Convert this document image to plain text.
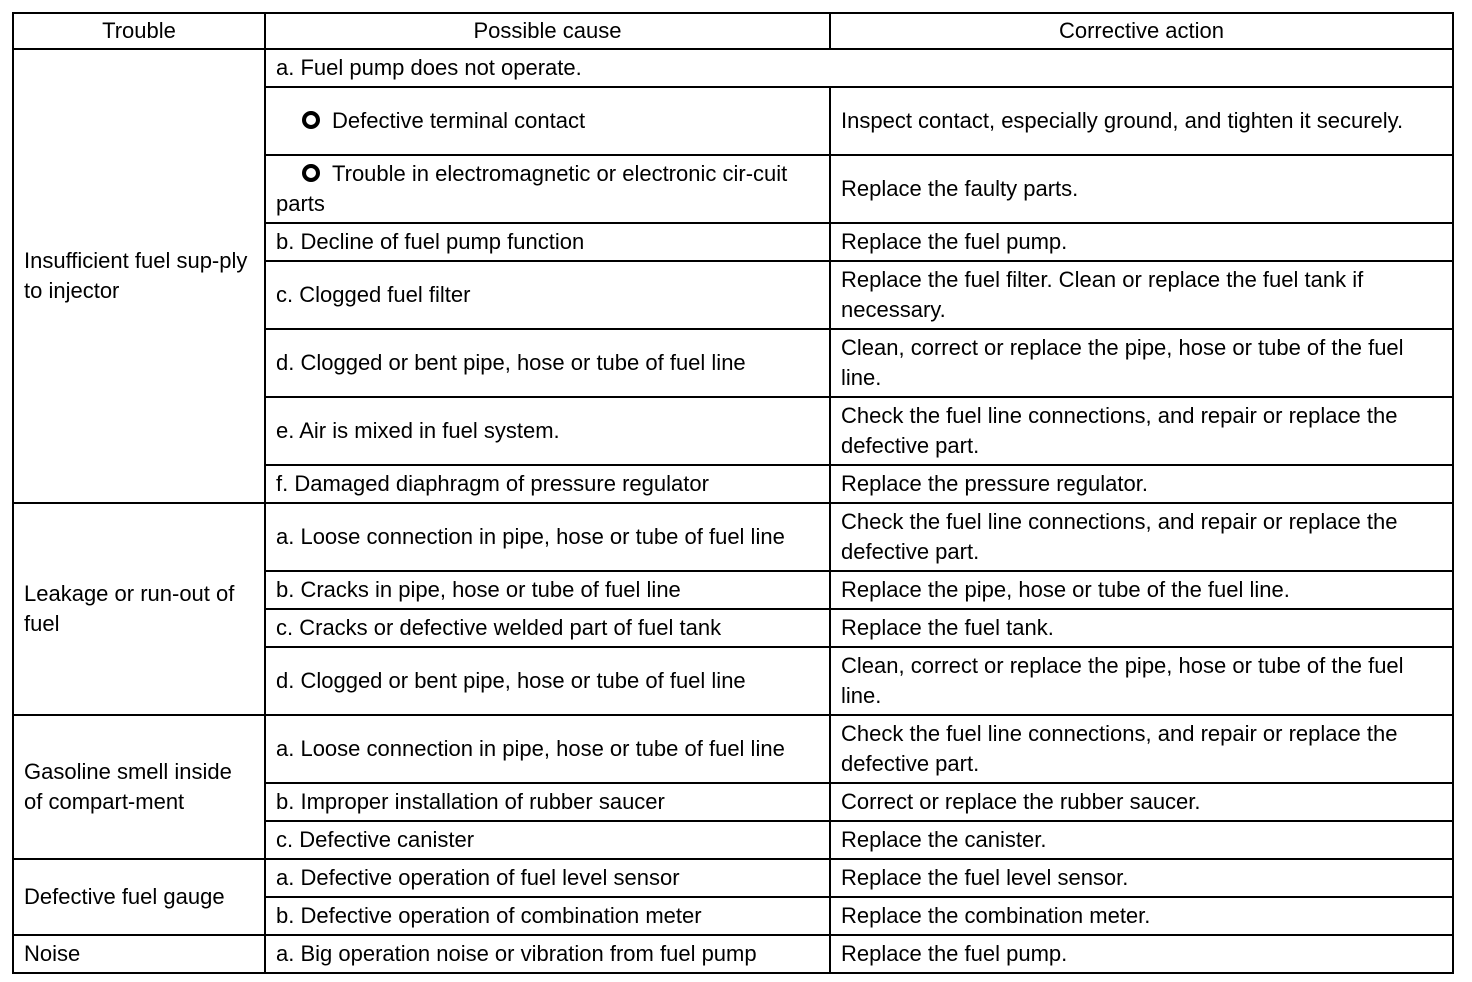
Trouble	Possible cause	Corrective action
Insufficient fuel sup-ply to injector	a. Fuel pump does not operate.	
	Defective terminal contact	Inspect contact, especially ground, and tighten it securely.
	Trouble in electromagnetic or electronic cir-cuit parts	Replace the faulty parts.
	b. Decline of fuel pump function	Replace the fuel pump.
	c. Clogged fuel filter	Replace the fuel filter. Clean or replace the fuel tank if necessary.
	d. Clogged or bent pipe, hose or tube of fuel line	Clean, correct or replace the pipe, hose or tube of the fuel line.
	e. Air is mixed in fuel system.	Check the fuel line connections, and repair or replace the defective part.
	f. Damaged diaphragm of pressure regulator	Replace the pressure regulator.
Leakage or run-out of fuel	a. Loose connection in pipe, hose or tube of fuel line	Check the fuel line connections, and repair or replace the defective part.
	b. Cracks in pipe, hose or tube of fuel line	Replace the pipe, hose or tube of the fuel line.
	c. Cracks or defective welded part of fuel tank	Replace the fuel tank.
	d. Clogged or bent pipe, hose or tube of fuel line	Clean, correct or replace the pipe, hose or tube of the fuel line.
Gasoline smell inside of compart-ment	a. Loose connection in pipe, hose or tube of fuel line	Check the fuel line connections, and repair or replace the defective part.
	b. Improper installation of rubber saucer	Correct or replace the rubber saucer.
	c. Defective canister	Replace the canister.
Defective fuel gauge	a. Defective operation of fuel level sensor	Replace the fuel level sensor.
	b. Defective operation of combination meter	Replace the combination meter.
Noise	a. Big operation noise or vibration from fuel pump	Replace the fuel pump.
